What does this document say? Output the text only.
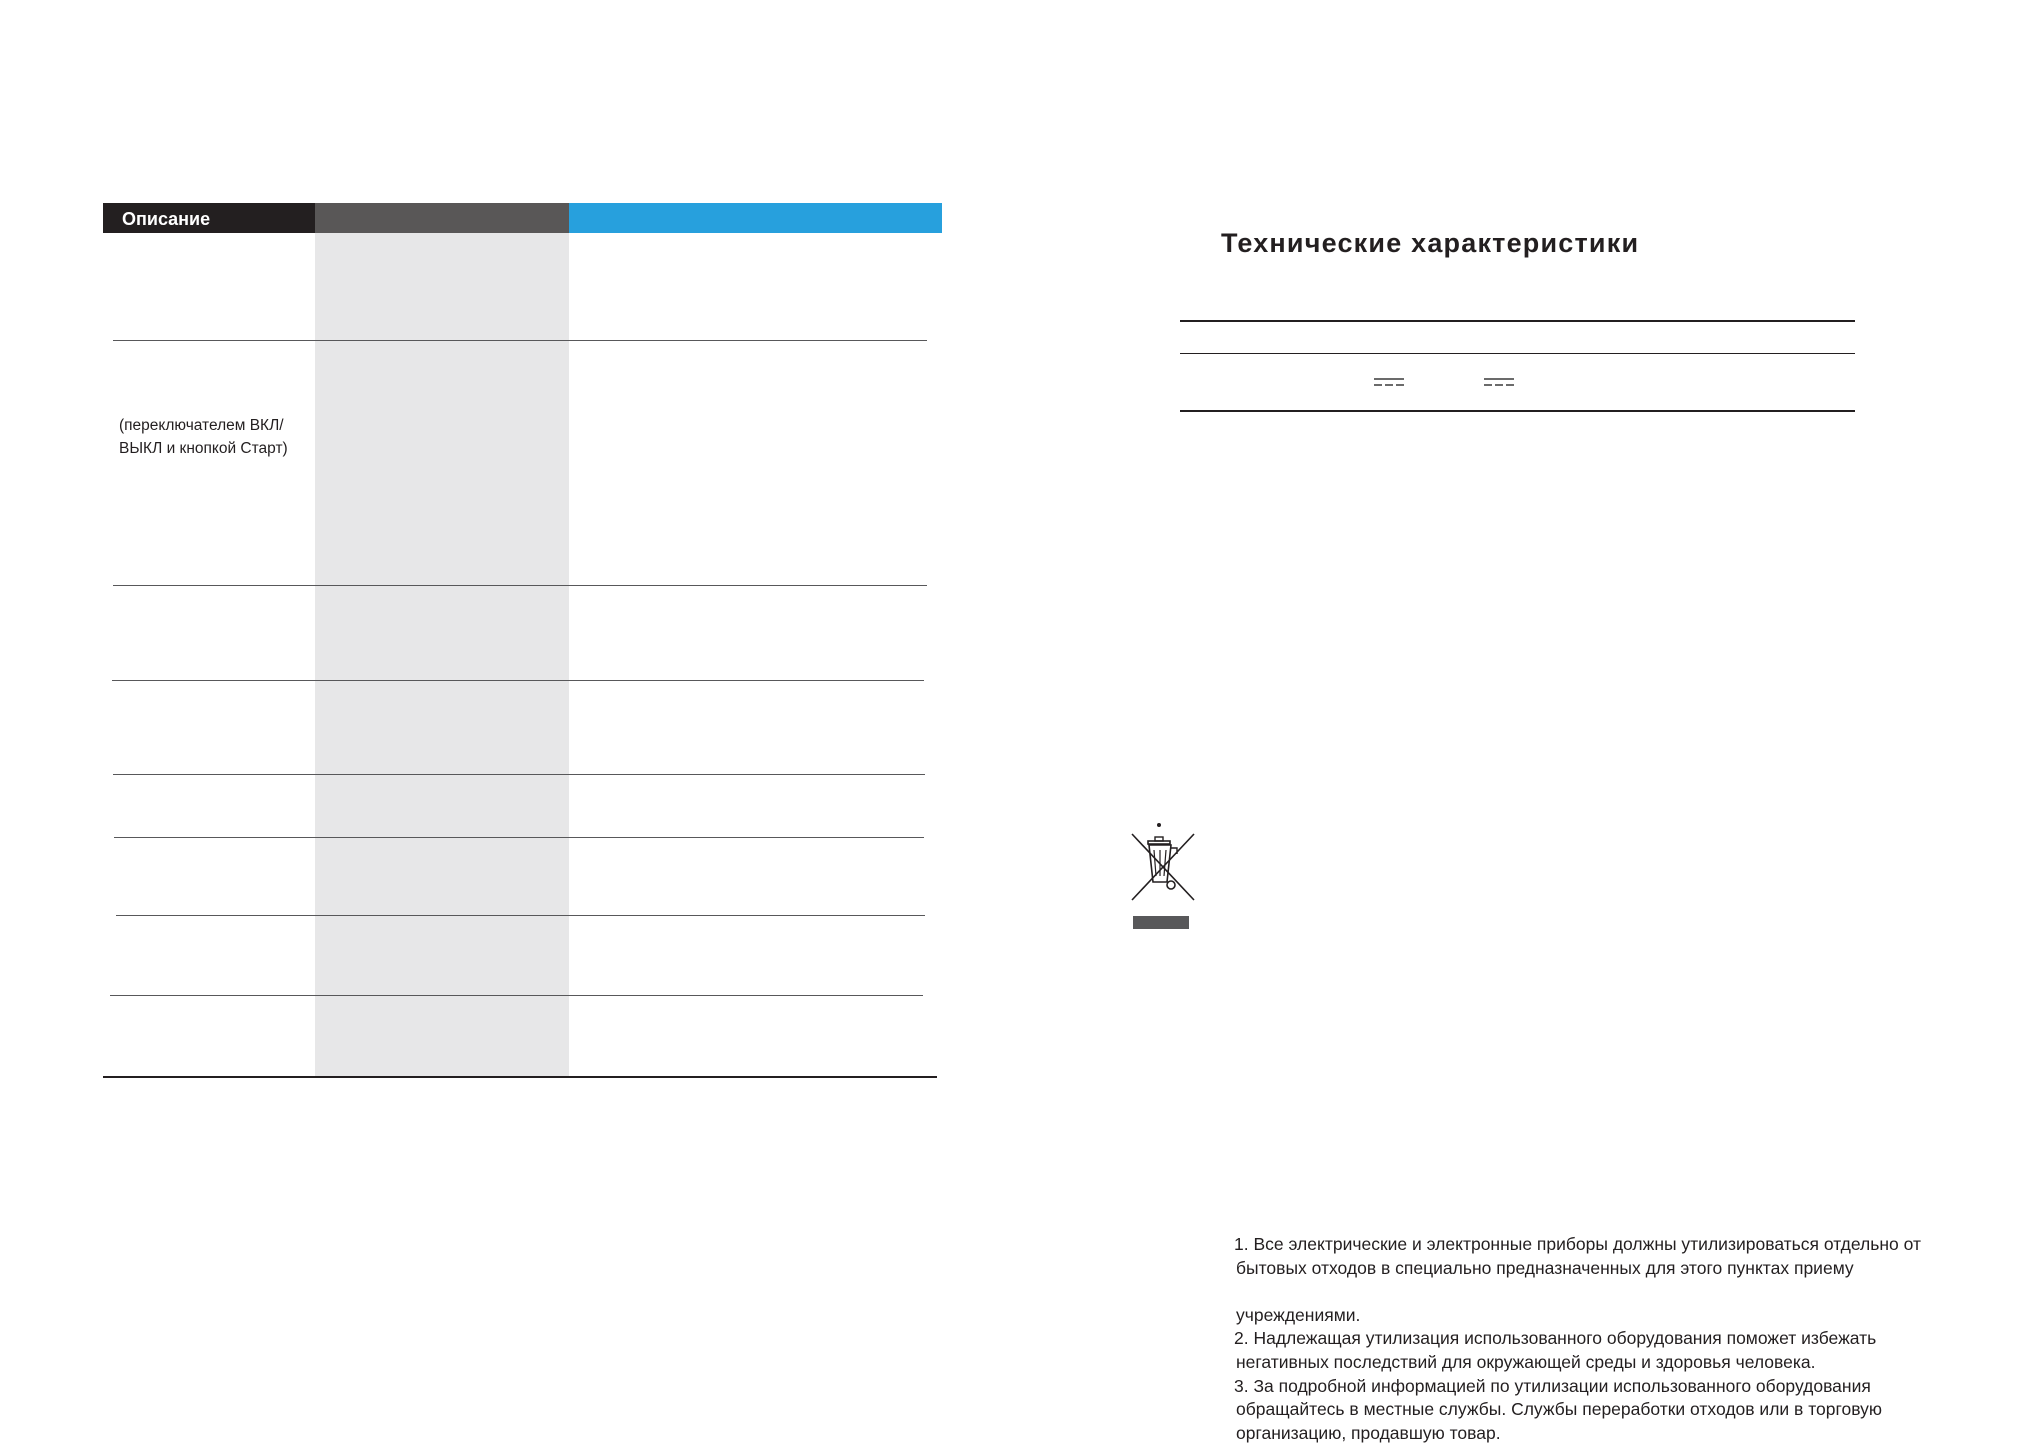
Описание
(переключателем ВКЛ/
ВЫКЛ и кнопкой Старт)
Технические характеристики

1. Все электрические и электронные приборы должны утилизироваться отдельно от

бытовых отходов в специально предназначенных для этого пунктах приему

учреждениями.

2. Надлежащая утилизация использованного оборудования поможет избежать

негативных последствий для окружающей среды и здоровья человека.

3. За подробной информацией по утилизации использованного оборудования

обращайтесь в местные службы. Службы переработки отходов или в торговую

организацию, продавшую товар.
